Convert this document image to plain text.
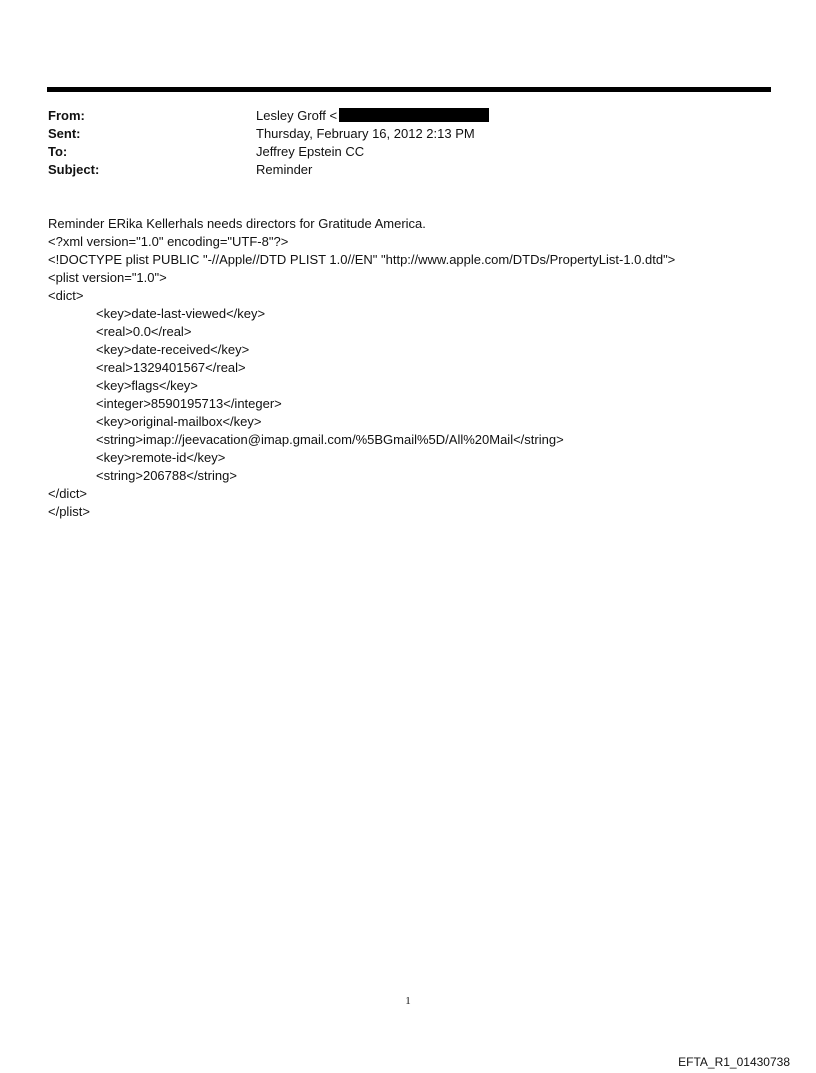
From:	Lesley Groff <
Sent:	Thursday, February 16, 2012 2:13 PM
To:	Jeffrey Epstein CC
Subject:	Reminder
Reminder ERika Kellerhals needs directors for Gratitude America.
<?xml version="1.0" encoding="UTF-8"?>
<!DOCTYPE plist PUBLIC "-//Apple//DTD PLIST 1.0//EN" "http://www.apple.com/DTDs/PropertyList-1.0.dtd">
<plist version="1.0">
<dict>
<key>date-last-viewed</key>
<real>0.0</real>
<key>date-received</key>
<real>1329401567</real>
<key>flags</key>
<integer>8590195713</integer>
<key>original-mailbox</key>
<string>imap://jeevacation@imap.gmail.com/%5BGmail%5D/All%20Mail</string>
<key>remote-id</key>
<string>206788</string>
</dict>
</plist>
1
EFTA_R1_01430738
